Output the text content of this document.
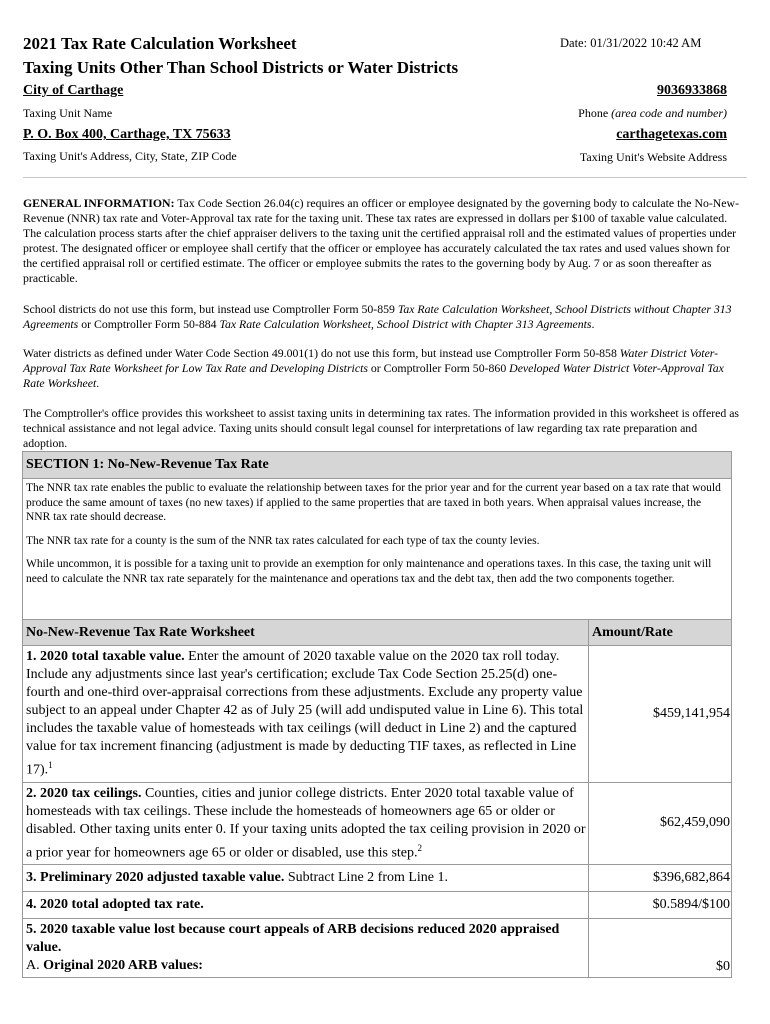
2021 Tax Rate Calculation Worksheet
Taxing Units Other Than School Districts or Water Districts
Date: 01/31/2022 10:42 AM
City of Carthage
Taxing Unit Name
9036933868
Phone (area code and number)
P. O. Box 400, Carthage, TX 75633
Taxing Unit's Address, City, State, ZIP Code
carthagetexas.com
Taxing Unit's Website Address
GENERAL INFORMATION: Tax Code Section 26.04(c) requires an officer or employee designated by the governing body to calculate the No-New-Revenue (NNR) tax rate and Voter-Approval tax rate for the taxing unit. These tax rates are expressed in dollars per $100 of taxable value calculated. The calculation process starts after the chief appraiser delivers to the taxing unit the certified appraisal roll and the estimated values of properties under protest. The designated officer or employee shall certify that the officer or employee has accurately calculated the tax rates and used values shown for the certified appraisal roll or certified estimate. The officer or employee submits the rates to the governing body by Aug. 7 or as soon thereafter as practicable.
School districts do not use this form, but instead use Comptroller Form 50-859 Tax Rate Calculation Worksheet, School Districts without Chapter 313 Agreements or Comptroller Form 50-884 Tax Rate Calculation Worksheet, School District with Chapter 313 Agreements.
Water districts as defined under Water Code Section 49.001(1) do not use this form, but instead use Comptroller Form 50-858 Water District Voter-Approval Tax Rate Worksheet for Low Tax Rate and Developing Districts or Comptroller Form 50-860 Developed Water District Voter-Approval Tax Rate Worksheet.
The Comptroller's office provides this worksheet to assist taxing units in determining tax rates. The information provided in this worksheet is offered as technical assistance and not legal advice. Taxing units should consult legal counsel for interpretations of law regarding tax rate preparation and adoption.
SECTION 1: No-New-Revenue Tax Rate

The NNR tax rate enables the public to evaluate the relationship between taxes for the prior year and for the current year based on a tax rate that would produce the same amount of taxes (no new taxes) if applied to the same properties that are taxed in both years. When appraisal values increase, the NNR tax rate should decrease.

The NNR tax rate for a county is the sum of the NNR tax rates calculated for each type of tax the county levies.

While uncommon, it is possible for a taxing unit to provide an exemption for only maintenance and operations taxes. In this case, the taxing unit will need to calculate the NNR tax rate separately for the maintenance and operations tax and the debt tax, then add the two components together.

No-New-Revenue Tax Rate Worksheet	Amount/Rate
1. 2020 total taxable value. Enter the amount of 2020 taxable value on the 2020 tax roll today. Include any adjustments since last year's certification; exclude Tax Code Section 25.25(d) one-fourth and one-third over-appraisal corrections from these adjustments. Exclude any property value subject to an appeal under Chapter 42 as of July 25 (will add undisputed value in Line 6). This total includes the taxable value of homesteads with tax ceilings (will deduct in Line 2) and the captured value for tax increment financing (adjustment is made by deducting TIF taxes, as reflected in Line 17).$^1$	$459,141,954
2. 2020 tax ceilings. Counties, cities and junior college districts. Enter 2020 total taxable value of homesteads with tax ceilings. These include the homesteads of homeowners age 65 or older or disabled. Other taxing units enter 0. If your taxing units adopted the tax ceiling provision in 2020 or a prior year for homeowners age 65 or older or disabled, use this step.$^2$	$62,459,090
3. Preliminary 2020 adjusted taxable value. Subtract Line 2 from Line 1.	$396,682,864
4. 2020 total adopted tax rate.	$0.5894/$100
5. 2020 taxable value lost because court appeals of ARB decisions reduced 2020 appraised value.
A. Original 2020 ARB values:	$0
